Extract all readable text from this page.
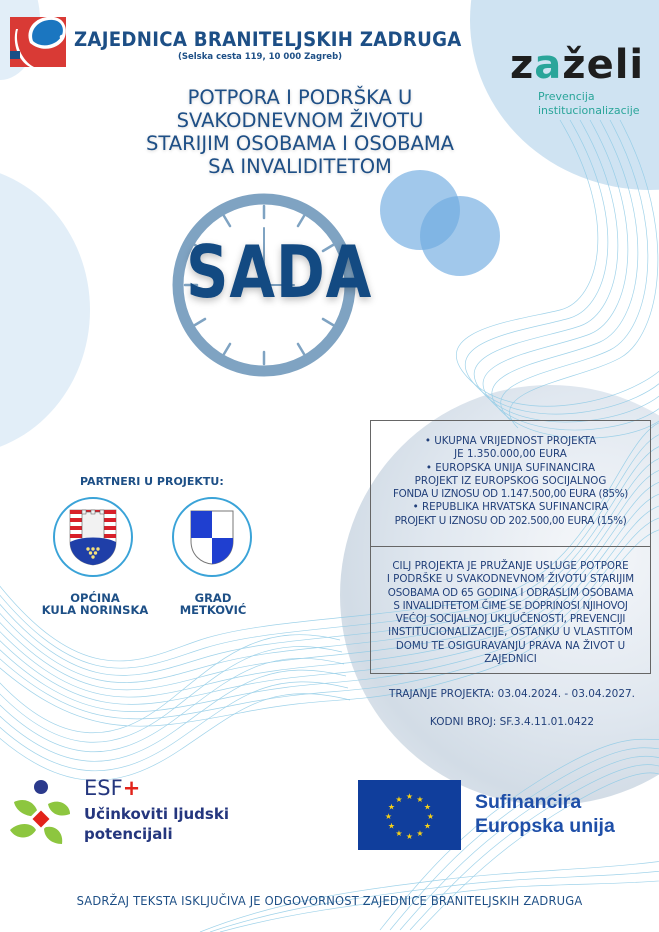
ZAJEDNICA BRANITELJSKIH ZADRUGA
(Selska cesta 119, 10 000 Zagreb)	zaželi
Prevencija
institucionalizacije
POTPORA I PODRŠKA U
SVAKODNEVNOM ŽIVOTU
STARIJIM OSOBAMA I OSOBAMA
SA INVALIDITETOM
SADA
PARTNERI U PROJEKTU:
OPĆINA
KULA NORINSKA
GRAD
METKOVIĆ
• UKUPNA VRIJEDNOST PROJEKTA
JE 1.350.000,00 EURA
• EUROPSKA UNIJA SUFINANCIRA
PROJEKT IZ EUROPSKOG SOCIJALNOG
FONDA U IZNOSU OD 1.147.500,00 EURA (85%)
• REPUBLIKA HRVATSKA SUFINANCIRA
PROJEKT U IZNOSU OD 202.500,00 EURA (15%)
CILJ PROJEKTA JE PRUŽANJE USLUGE POTPORE
I PODRŠKE U SVAKODNEVNOM ŽIVOTU STARIJIM
OSOBAMA OD 65 GODINA I ODRASLIM OSOBAMA
S INVALIDITETOM ČIME SE DOPRINOSI NJIHOVOJ
VEĆOJ SOCIJALNOJ UKLJUČENOSTI, PREVENCIJI
INSTITUCIONALIZACIJE, OSTANKU U VLASTITOM
DOMU TE OSIGURAVANJU PRAVA NA ŽIVOT U
ZAJEDNICI
TRAJANJE PROJEKTA: 03.04.2024. - 03.04.2027.
KODNI BROJ: SF.3.4.11.01.0422
ESF+
Učinkoviti ljudski
potencijali
★ ★
★
★
★
★
★
★
★
★
★
★	Sufinancira
Europska unija
SADRŽAJ TEKSTA ISKLJUČIVA JE ODGOVORNOST ZAJEDNICE BRANITELJSKIH ZADRUGA
